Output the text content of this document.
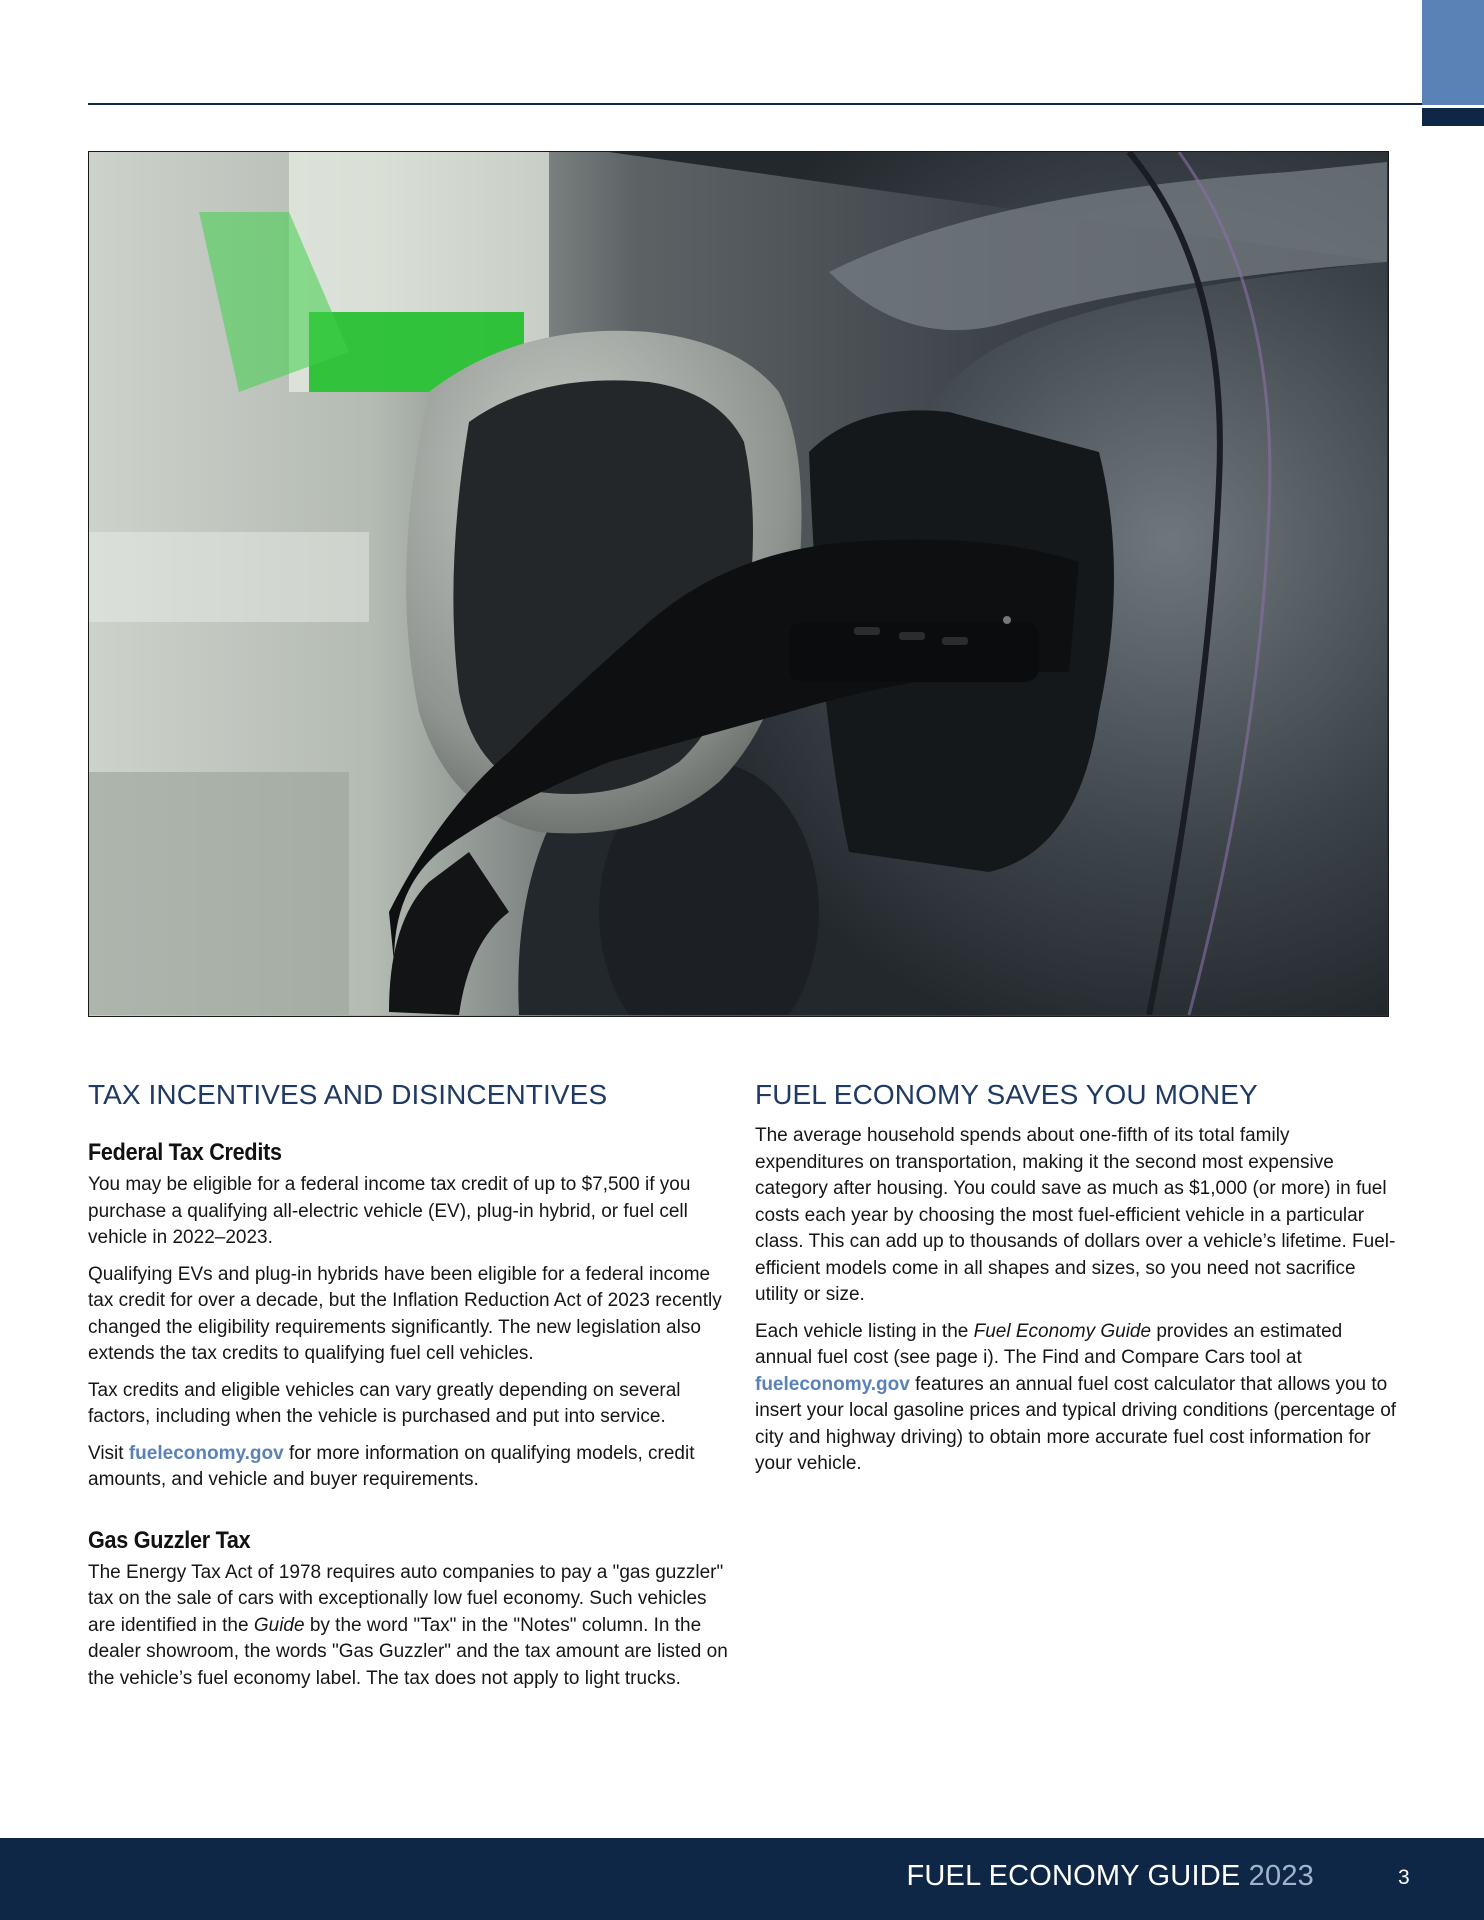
TAX INCENTIVES AND DISINCENTIVES
Federal Tax Credits

You may be eligible for a federal income tax credit of up to $7,500 if you purchase a qualifying all-electric vehicle (EV), plug-in hybrid, or fuel cell vehicle in 2022–2023.

Qualifying EVs and plug-in hybrids have been eligible for a federal income tax credit for over a decade, but the Inflation Reduction Act of 2023 recently changed the eligibility requirements significantly. The new legislation also extends the tax credits to qualifying fuel cell vehicles.

Tax credits and eligible vehicles can vary greatly depending on several factors, including when the vehicle is purchased and put into service.

Visit fueleconomy.gov for more information on qualifying models, credit amounts, and vehicle and buyer requirements.

Gas Guzzler Tax

The Energy Tax Act of 1978 requires auto companies to pay a "gas guzzler" tax on the sale of cars with exceptionally low fuel economy. Such vehicles are identified in the Guide by the word "Tax" in the "Notes" column. In the dealer showroom, the words "Gas Guzzler" and the tax amount are listed on the vehicle’s fuel economy label. The tax does not apply to light trucks.

FUEL ECONOMY SAVES YOU MONEY

The average household spends about one-fifth of its total family expenditures on transportation, making it the second most expensive category after housing. You could save as much as $1,000 (or more) in fuel costs each year by choosing the most fuel-efficient vehicle in a particular class. This can add up to thousands of dollars over a vehicle’s lifetime. Fuel-efficient models come in all shapes and sizes, so you need not sacrifice utility or size.

Each vehicle listing in the Fuel Economy Guide provides an estimated annual fuel cost (see page i). The Find and Compare Cars tool at fueleconomy.gov features an annual fuel cost calculator that allows you to insert your local gasoline prices and typical driving conditions (percentage of city and highway driving) to obtain more accurate fuel cost information for your vehicle.

FUEL ECONOMY GUIDE 2023	3
